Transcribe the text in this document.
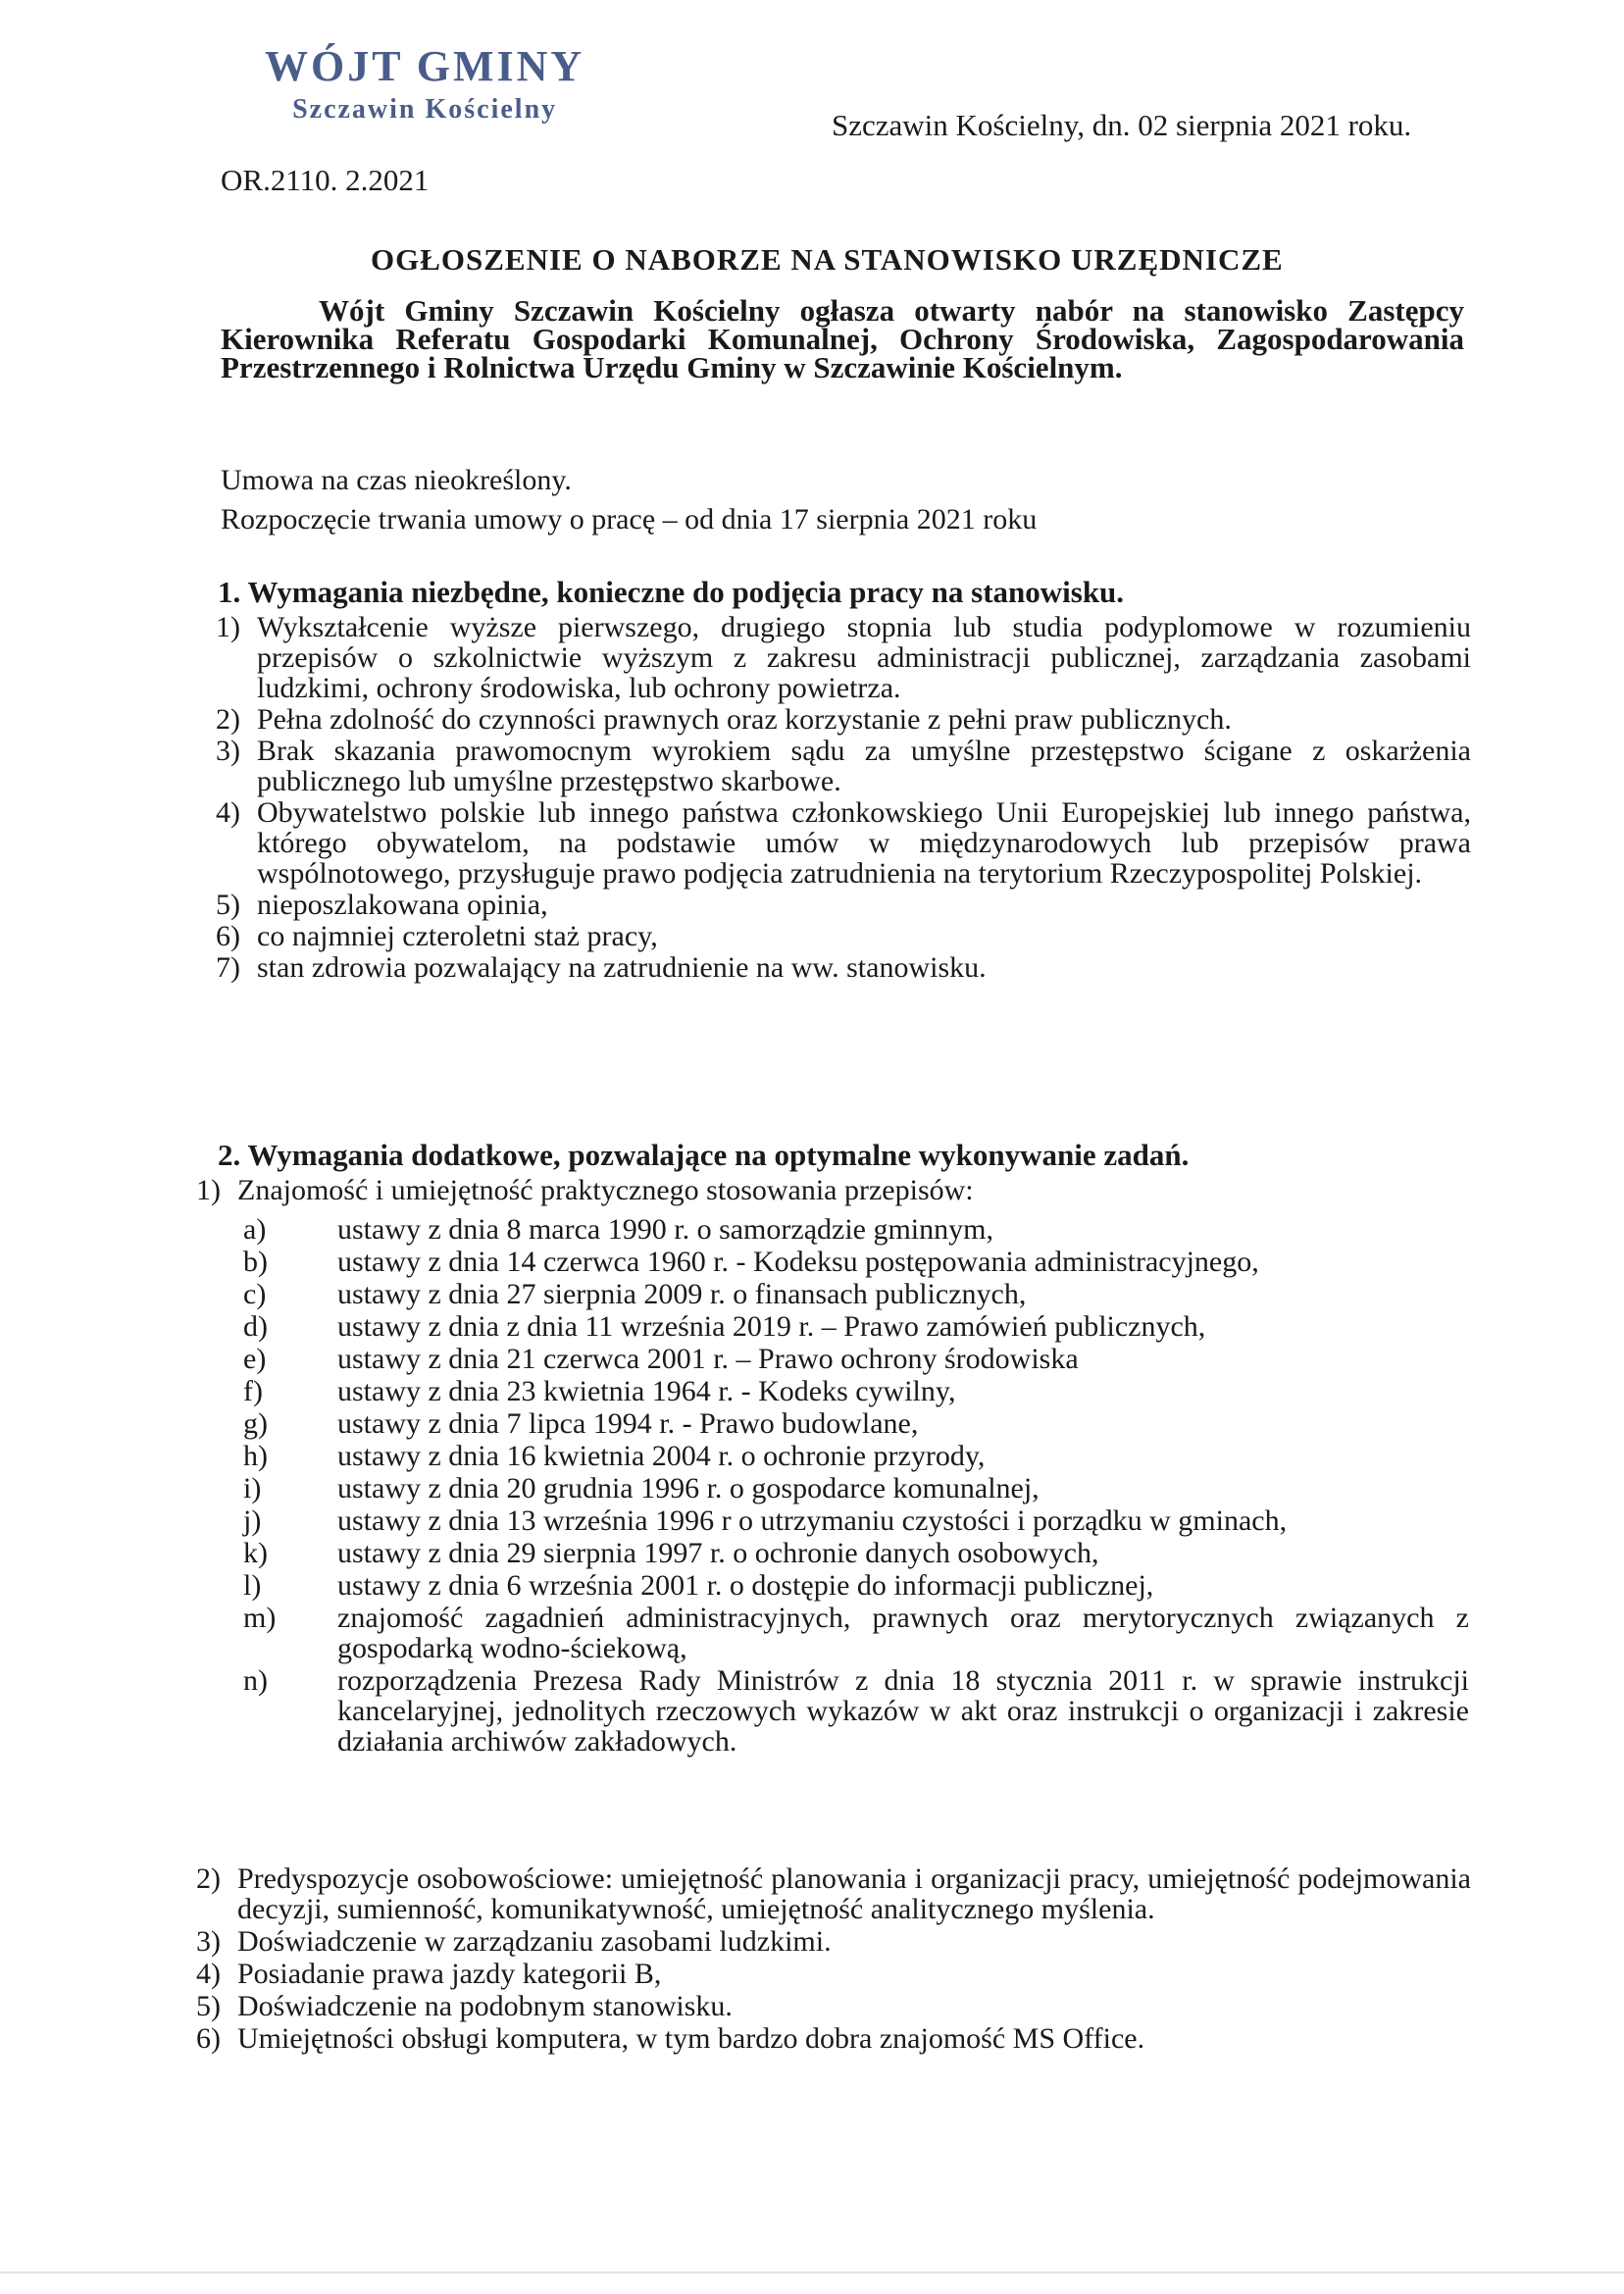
WÓJT GMINY
Szczawin Kościelny	Szczawin Kościelny, dn. 02 sierpnia 2021 roku.
OR.2110. 2.2021
OGŁOSZENIE O NABORZE NA STANOWISKO URZĘDNICZE

Wójt Gminy Szczawin Kościelny ogłasza otwarty nabór na stanowisko Zastępcy Kierownika Referatu Gospodarki Komunalnej, Ochrony Środowiska, Zagospodarowania Przestrzennego i Rolnictwa Urzędu Gminy w Szczawinie Kościelnym.

Umowa na czas nieokreślony.
Rozpoczęcie trwania umowy o pracę – od dnia 17 sierpnia 2021 roku
1. Wymagania niezbędne, konieczne do podjęcia pracy na stanowisku.
1) Wykształcenie wyższe pierwszego, drugiego stopnia lub studia podyplomowe w rozumieniu przepisów o szkolnictwie wyższym z zakresu administracji publicznej, zarządzania zasobami ludzkimi, ochrony środowiska, lub ochrony powietrza.
2) Pełna zdolność do czynności prawnych oraz korzystanie z pełni praw publicznych.
3) Brak skazania prawomocnym wyrokiem sądu za umyślne przestępstwo ścigane z oskarżenia publicznego lub umyślne przestępstwo skarbowe.
4) Obywatelstwo polskie lub innego państwa członkowskiego Unii Europejskiej lub innego państwa, którego obywatelom, na podstawie umów w międzynarodowych lub przepisów prawa wspólnotowego, przysługuje prawo podjęcia zatrudnienia na terytorium Rzeczypospolitej Polskiej.
5) nieposzlakowana opinia,
6) co najmniej czteroletni staż pracy,
7) stan zdrowia pozwalający na zatrudnienie na ww. stanowisku.
2. Wymagania dodatkowe, pozwalające na optymalne wykonywanie zadań.
1) Znajomość i umiejętność praktycznego stosowania przepisów:
a)	ustawy z dnia 8 marca 1990 r. o samorządzie gminnym,
b)	ustawy z dnia 14 czerwca 1960 r. - Kodeksu postępowania administracyjnego,
c)	ustawy z dnia 27 sierpnia 2009 r. o finansach publicznych,
d)	ustawy z dnia z dnia 11 września 2019 r. – Prawo zamówień publicznych,
e)	ustawy z dnia 21 czerwca 2001 r. – Prawo ochrony środowiska
f)	ustawy z dnia 23 kwietnia 1964 r. - Kodeks cywilny,
g)	ustawy z dnia 7 lipca 1994 r. - Prawo budowlane,
h)	ustawy z dnia 16 kwietnia 2004 r. o ochronie przyrody,
i)	ustawy z dnia 20 grudnia 1996 r. o gospodarce komunalnej,
j)	ustawy z dnia 13 września 1996 r o utrzymaniu czystości i porządku w gminach,
k)	ustawy z dnia 29 sierpnia 1997 r. o ochronie danych osobowych,
l)	ustawy z dnia 6 września 2001 r. o dostępie do informacji publicznej,
m)	znajomość zagadnień administracyjnych, prawnych oraz merytorycznych związanych z gospodarką wodno-ściekową,
n)	rozporządzenia Prezesa Rady Ministrów z dnia 18 stycznia 2011 r. w sprawie instrukcji kancelaryjnej, jednolitych rzeczowych wykazów w akt oraz instrukcji o organizacji i zakresie działania archiwów zakładowych.
2) Predyspozycje osobowościowe: umiejętność planowania i organizacji pracy, umiejętność podejmowania decyzji, sumienność, komunikatywność, umiejętność analitycznego myślenia.
3) Doświadczenie w zarządzaniu zasobami ludzkimi.
4) Posiadanie prawa jazdy kategorii B,
5) Doświadczenie na podobnym stanowisku.
6) Umiejętności obsługi komputera, w tym bardzo dobra znajomość MS Office.
